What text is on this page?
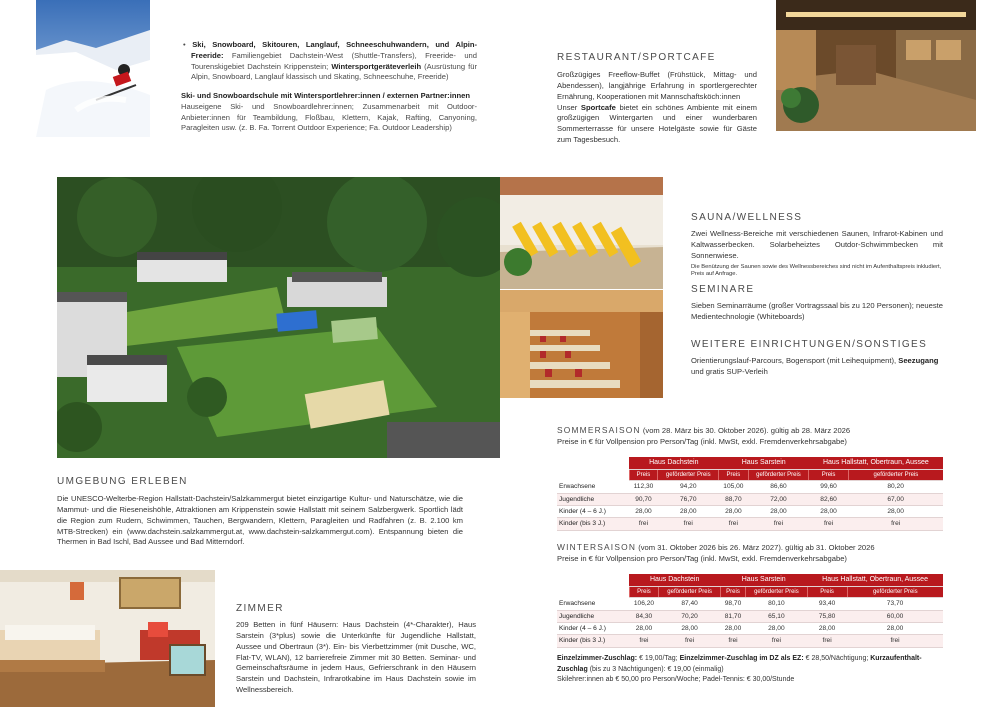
• Ski, Snowboard, Skitouren, Langlauf, Schneeschuhwandern, und Alpin-Freeride: Familiengebiet Dachstein-West (Shuttle-Transfers), Freeride- und Tourenskigebiet Dachstein Krippenstein; Wintersportgeräteverleih (Ausrüstung für Alpin, Snowboard, Langlauf klassisch und Skating, Schneeschuhe, Freeride)

Ski- und Snowboardschule mit Wintersportlehrer:innen / externen Partner:innen

Hauseigene Ski- und Snowboardlehrer:innen; Zusammenarbeit mit Outdoor-Anbieter:innen für Teambildung, Floßbau, Klettern, Kajak, Rafting, Canyoning, Paragleiten usw. (z. B. Fa. Torrent Outdoor Experience; Fa. Outdoor Leadership)

RESTAURANT/SPORTCAFE

Großzügiges Freeflow-Buffet (Frühstück, Mittag- und Abendessen), langjährige Erfahrung in sportlergerechter Ernährung, Kooperationen mit Mannschaftsköch:innen

Unser Sportcafe bietet ein schönes Ambiente mit einem großzügigen Wintergarten und einer wunderbaren Sommerterrasse für unsere Hotelgäste sowie für Gäste zum Tagesbesuch.

SAUNA/WELLNESS

Zwei Wellness-Bereiche mit verschiedenen Saunen, Infrarot-Kabinen und Kaltwasserbecken. Solarbeheiztes Outdor-Schwimmbecken mit Sonnenwiese.

Die Benützung der Saunen sowie des Wellnessbereiches sind nicht im Aufenthaltspreis inkludiert, Preis auf Anfrage.

SEMINARE

Sieben Seminarräume (großer Vortragssaal bis zu 120 Personen); neueste Medientechnologie (Whiteboards)

WEITERE EINRICHTUNGEN/SONSTIGES

Orientierungslauf-Parcours, Bogensport (mit Leihequipment), Seezugang und gratis SUP-Verleih

UMGEBUNG ERLEBEN

Die UNESCO-Welterbe-Region Hallstatt-Dachstein/Salzkammergut bietet einzigartige Kultur- und Naturschätze, wie die Mammut- und die Rieseneishöhle, Attraktionen am Krippenstein sowie Hallstatt mit seinem Salzbergwerk. Sportlich lädt die Region zum Rudern, Schwimmen, Tauchen, Bergwandern, Klettern, Paragleiten und Radfahren (z. B. 2.100 km MTB-Strecken) ein (www.dachstein.salzkammergut.at, www.dachstein-salzkammergut.com). Entspannung bieten die Thermen in Bad Ischl, Bad Aussee und Bad Mitterndorf.

ZIMMER

209 Betten in fünf Häusern: Haus Dachstein (4*-Charakter), Haus Sarstein (3*plus) sowie die Unterkünfte für Jugendliche Hallstatt, Aussee und Obertraun (3*). Ein- bis Vierbettzimmer (mit Dusche, WC, Flat-TV, WLAN), 12 barrierefreie Zimmer mit 30 Betten. Seminar- und Gemeinschaftsräume in jedem Haus, Gefrierschrank in den Häusern Sarstein und Dachstein, Infrarotkabine im Haus Dachstein sowie im Wellnessbereich.

SOMMERSAISON (vom 28. März bis 30. Oktober 2026). gültig ab 28. März 2026

Preise in € für Vollpension pro Person/Tag (inkl. MwSt, exkl. Fremdenverkehrsabgabe)

	Haus Dachstein		Haus Sarstein		Haus Hallstatt, Obertraun, Aussee	
	Preis	geförderter Preis	Preis	geförderter Preis	Preis	geförderter Preis
Erwachsene	112,30	94,20	105,00	86,60	99,60	80,20
Jugendliche	90,70	76,70	88,70	72,00	82,60	67,00
Kinder (4 – 6 J.)	28,00	28,00	28,00	28,00	28,00	28,00
Kinder (bis 3 J.)	frei	frei	frei	frei	frei	frei

WINTERSAISON (vom 31. Oktober 2026 bis 26. März 2027). gültig ab 31. Oktober 2026

Preise in € für Vollpension pro Person/Tag (inkl. MwSt, exkl. Fremdenverkehrsabgabe)

	Haus Dachstein		Haus Sarstein		Haus Hallstatt, Obertraun, Aussee	
	Preis	geförderter Preis	Preis	geförderter Preis	Preis	geförderter Preis
Erwachsene	106,20	87,40	98,70	80,10	93,40	73,70
Jugendliche	84,30	70,20	81,70	65,10	75,80	60,00
Kinder (4 – 6 J.)	28,00	28,00	28,00	28,00	28,00	28,00
Kinder (bis 3 J.)	frei	frei	frei	frei	frei	frei

Einzelzimmer-Zuschlag: € 19,00/Tag; Einzelzimmer-Zuschlag im DZ als EZ: € 28,50/Nächtigung; Kurzaufenthalt-Zuschlag (bis zu 3 Nächtigungen): € 19,00 (einmalig)

Skilehrer:innen ab € 50,00 pro Person/Woche; Padel-Tennis: € 30,00/Stunde
